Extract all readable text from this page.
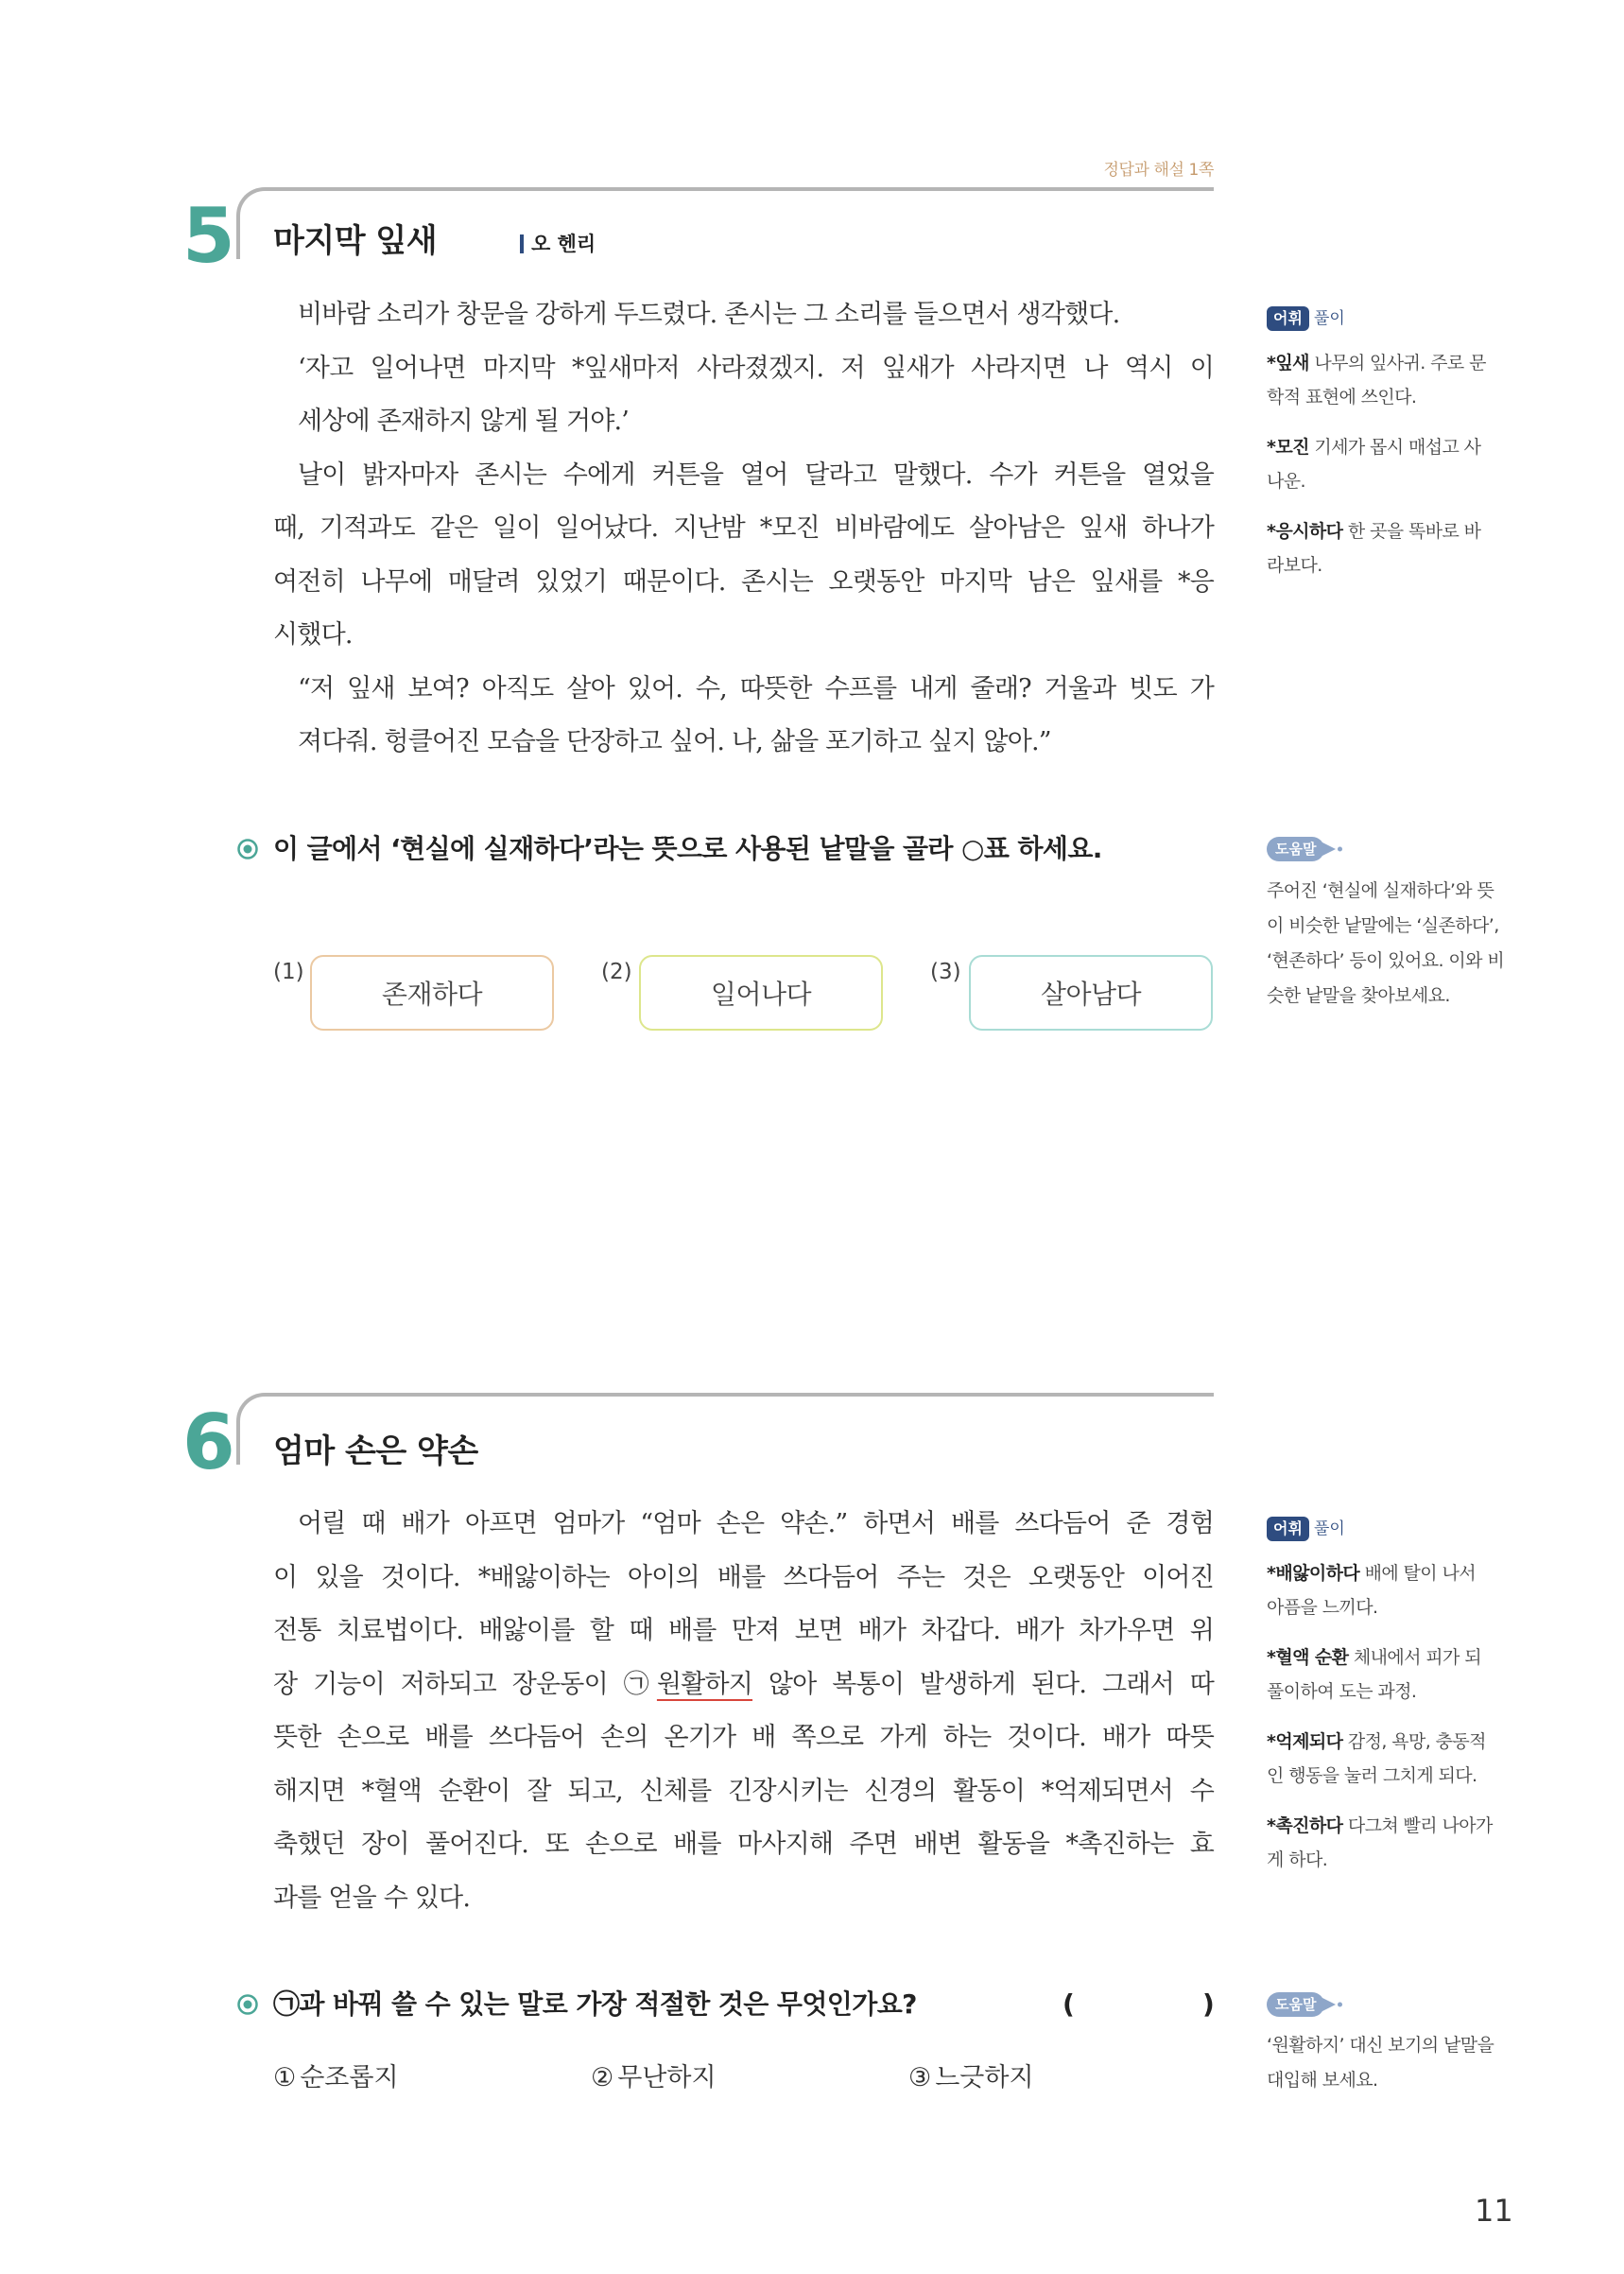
정답과 해설 1쪽
5 마지막 잎새	오 헨리
비바람 소리가 창문을 강하게 두드렸다. 존시는 그 소리를 들으면서 생각했다.
‘자고 일어나면 마지막 *잎새마저 사라졌겠지. 저 잎새가 사라지면 나 역시 이
세상에 존재하지 않게 될 거야.’
날이 밝자마자 존시는 수에게 커튼을 열어 달라고 말했다. 수가 커튼을 열었을
때, 기적과도 같은 일이 일어났다. 지난밤 *모진 비바람에도 살아남은 잎새 하나가
여전히 나무에 매달려 있었기 때문이다. 존시는 오랫동안 마지막 남은 잎새를 *응
시했다.
“저 잎새 보여? 아직도 살아 있어. 수, 따뜻한 수프를 내게 줄래? 거울과 빗도 가
져다줘. 헝클어진 모습을 단장하고 싶어. 나, 삶을 포기하고 싶지 않아.”
어휘 풀이
*잎새 나무의 잎사귀. 주로 문
학적 표현에 쓰인다.
*모진 기세가 몹시 매섭고 사
나운.
*응시하다 한 곳을 똑바로 바
라보다.
이 글에서 ‘현실에 실재하다’라는 뜻으로 사용된 낱말을 골라 ○표 하세요.	도움말
주어진 ‘현실에 실재하다’와 뜻
이 비슷한 낱말에는 ‘실존하다’,
‘현존하다’ 등이 있어요. 이와 비
슷한 낱말을 찾아보세요.
(1)
존재하다
(2)
일어나다
(3)
살아남다
6 엄마 손은 약손
어릴 때 배가 아프면 엄마가 “엄마 손은 약손.” 하면서 배를 쓰다듬어 준 경험
이 있을 것이다. *배앓이하는 아이의 배를 쓰다듬어 주는 것은 오랫동안 이어진
전통 치료법이다. 배앓이를 할 때 배를 만져 보면 배가 차갑다. 배가 차가우면 위
장 기능이 저하되고 장운동이 ㉠원활하지 않아 복통이 발생하게 된다. 그래서 따
뜻한 손으로 배를 쓰다듬어 손의 온기가 배 쪽으로 가게 하는 것이다. 배가 따뜻
해지면 *혈액 순환이 잘 되고, 신체를 긴장시키는 신경의 활동이 *억제되면서 수
축했던 장이 풀어진다. 또 손으로 배를 마사지해 주면 배변 활동을 *촉진하는 효
과를 얻을 수 있다.
어휘 풀이
*배앓이하다 배에 탈이 나서
아픔을 느끼다.
*혈액 순환 체내에서 피가 되
풀이하여 도는 과정.
*억제되다 감정, 욕망, 충동적
인 행동을 눌러 그치게 되다.
*촉진하다 다그쳐 빨리 나아가
게 하다.
㉠과 바꿔 쓸 수 있는 말로 가장 적절한 것은 무엇인가요?	(	)	도움말
‘원활하지’ 대신 보기의 낱말을
대입해 보세요.
① 순조롭지	② 무난하지	③ 느긋하지
11
